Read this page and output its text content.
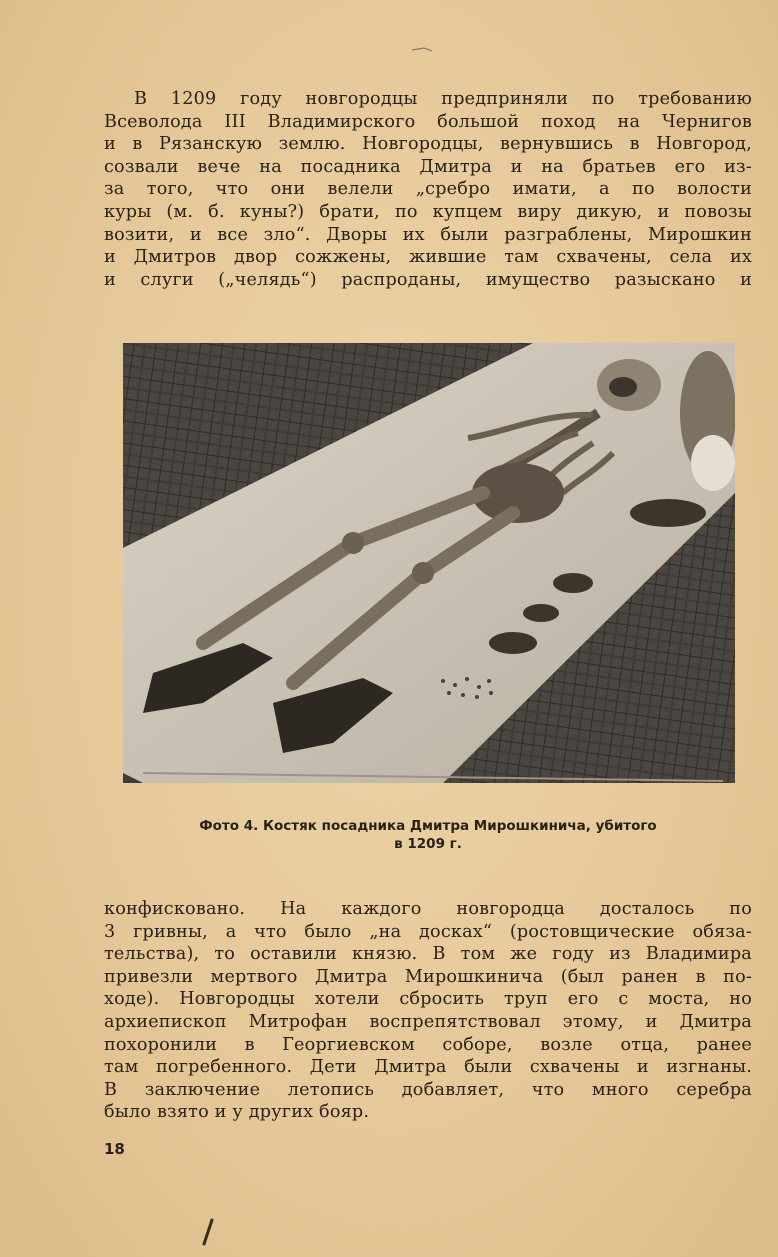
В 1209 году новгородцы предприняли по требованию
Всеволода III Владимирского большой поход на Чернигов
и в Рязанскую землю. Новгородцы, вернувшись в Новгород,
созвали вече на посадника Дмитра и на братьев его из-
за того, что они велели „сребро имати, а по волости
куры (м. б. куны?) брати, по купцем виру дикую, и повозы
возити, и все зло“. Дворы их были разграблены, Мирошкин
и Дмитров двор сожжены, жившие там схвачены, села их
и слуги („челядь“) распроданы, имущество разыскано и
Фото 4. Костяк посадника Дмитра Мирошкинича, убитого
в 1209 г.
конфисковано. На каждого новгородца досталось по
3 гривны, а что было „на досках“ (ростовщические обяза-
тельства), то оставили князю. В том же году из Владимира
привезли мертвого Дмитра Мирошкинича (был ранен в по-
ходе). Новгородцы хотели сбросить труп его с моста, но
архиепископ Митрофан воспрепятствовал этому, и Дмитра
похоронили в Георгиевском соборе, возле отца, ранее
там погребенного. Дети Дмитра были схвачены и изгнаны.
В заключение летопись добавляет, что много серебра
было взято и у других бояр.
18
